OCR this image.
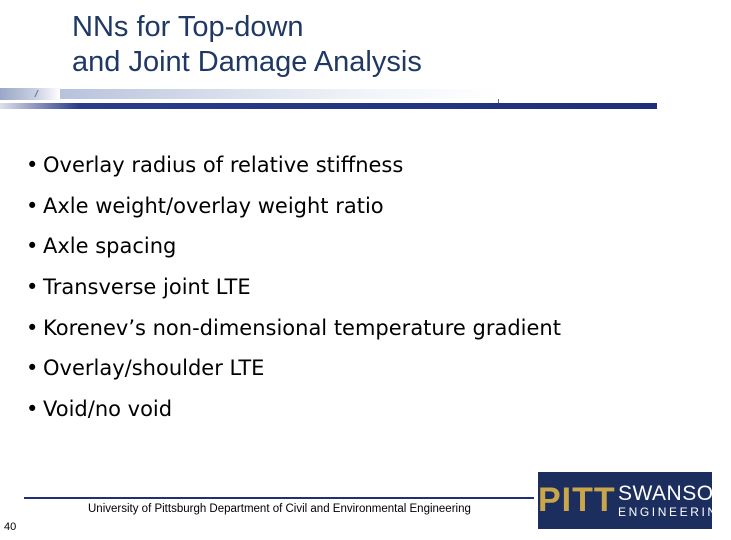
NNs for Top-down
and Joint Damage Analysis
• Overlay radius of relative stiffness
• Axle weight/overlay weight ratio
• Axle spacing
• Transverse joint LTE
• Korenev’s non-dimensional temperature gradient
• Overlay/shoulder LTE
• Void/no void
University of Pittsburgh Department of Civil and Environmental Engineering
40
PITT SWANSON
ENGINEERING
